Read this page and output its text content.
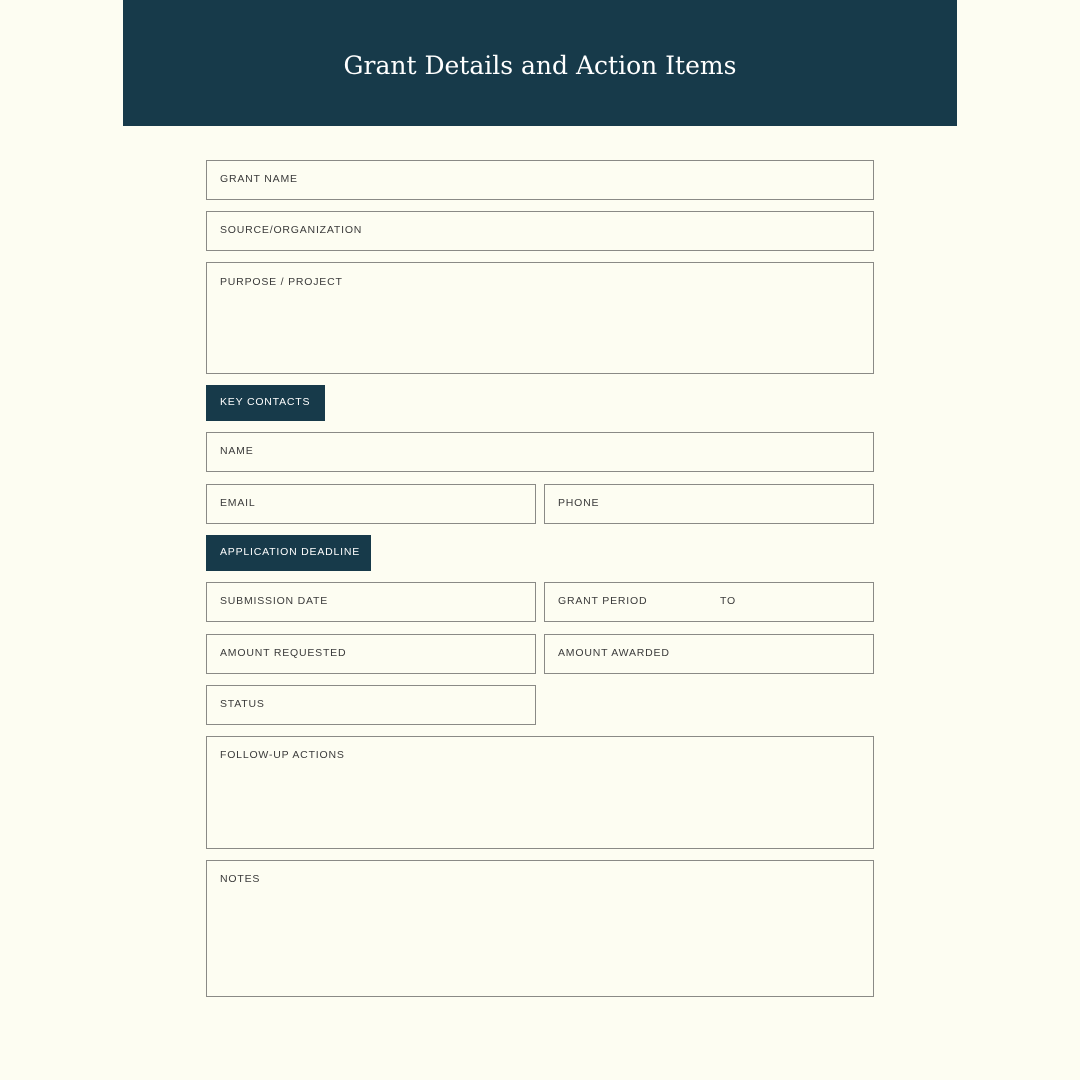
Grant Details and Action Items
GRANT NAME
SOURCE/ORGANIZATION
PURPOSE / PROJECT
KEY CONTACTS
NAME
EMAIL	PHONE
APPLICATION DEADLINE
SUBMISSION DATE	GRANT PERIOD	TO
AMOUNT REQUESTED	AMOUNT AWARDED
STATUS
FOLLOW-UP ACTIONS
NOTES
